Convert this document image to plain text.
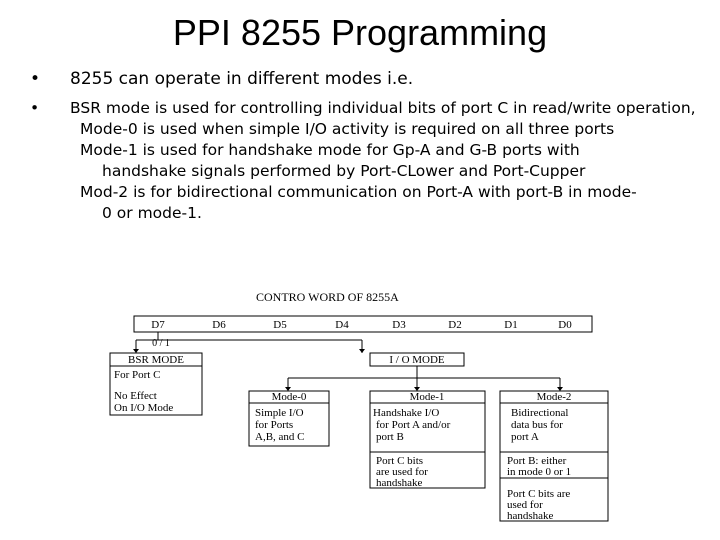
PPI 8255 Programming
• 8255 can operate in different modes i.e.
• BSR mode is used for controlling individual bits of port C in read/write operation,
Mode-0 is used when simple I/O activity is required on all three ports
Mode-1 is used for handshake mode for Gp-A and G-B ports with
handshake signals performed by Port-CLower and Port-Cupper
Mod-2 is for bidirectional communication on Port-A with port-B in mode-
0 or mode-1.
CONTRO WORD OF 8255A
D7	D6	D5	D4	D3	D2	D1	D0
0 / 1
BSR MODE
For Port C
No Effect
On I/O Mode
I / O MODE
Mode-0
Simple I/O
for Ports
A,B, and C
Mode-1
Handshake I/O
for Port A and/or
port B
Port C bits
are used for
handshake
Mode-2
Bidirectional
data bus for
port A
Port B: either
in mode 0 or 1
Port C bits are
used for
handshake
